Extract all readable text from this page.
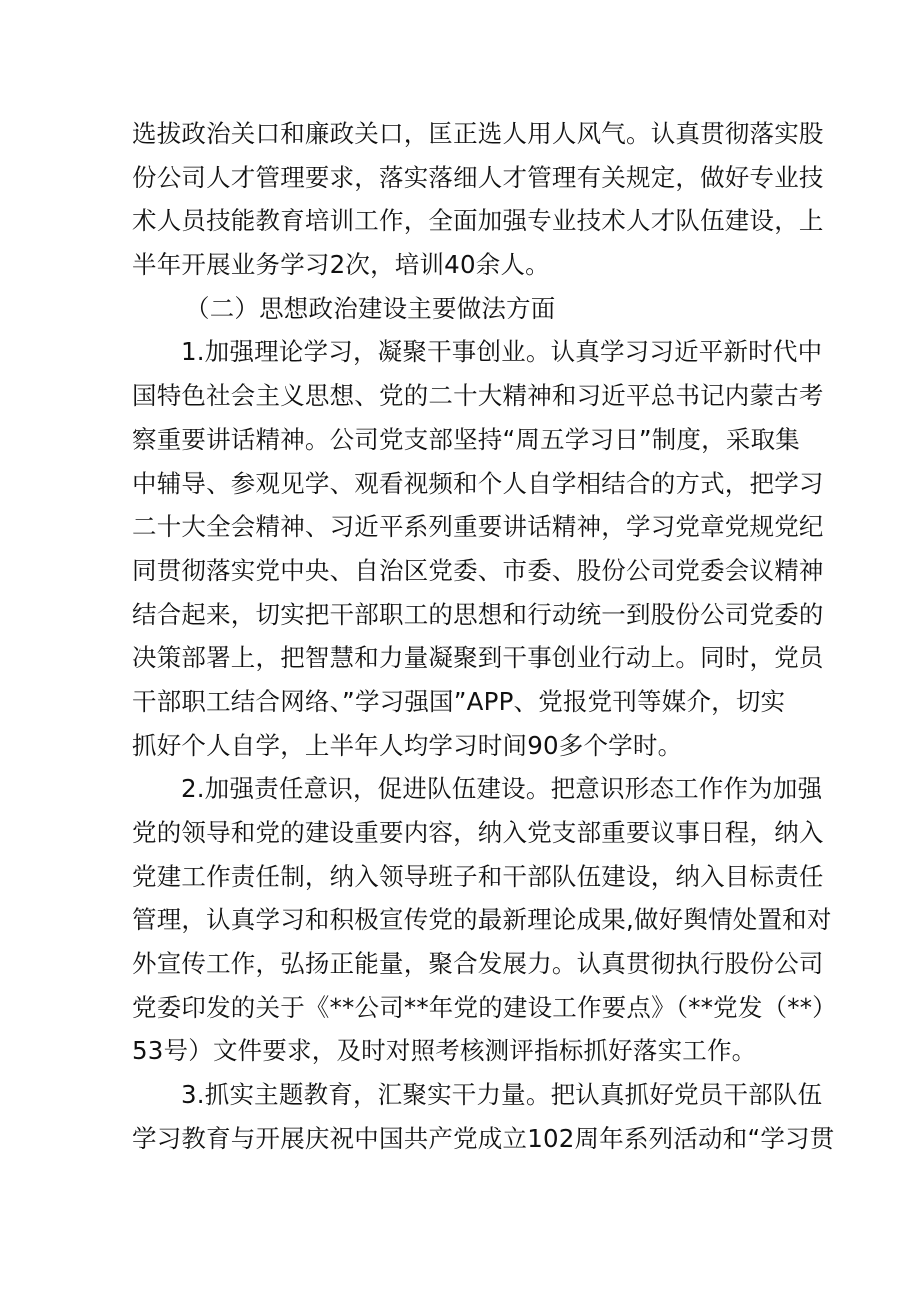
选拔政治关口和廉政关口，匡正选人用人风气。认真贯彻落实股
份公司人才管理要求，落实落细人才管理有关规定，做好专业技
术人员技能教育培训工作，全面加强专业技术人才队伍建设，上
半年开展业务学习2次，培训40余人。
（二）思想政治建设主要做法方面
1.加强理论学习，凝聚干事创业。认真学习习近平新时代中
国特色社会主义思想、党的二十大精神和习近平总书记内蒙古考
察重要讲话精神。公司党支部坚持“周五学习日”制度，采取集
中辅导、参观见学、观看视频和个人自学相结合的方式，把学习
二十大全会精神、习近平系列重要讲话精神，学习党章党规党纪
同贯彻落实党中央、自治区党委、市委、股份公司党委会议精神
结合起来，切实把干部职工的思想和行动统一到股份公司党委的
决策部署上，把智慧和力量凝聚到干事创业行动上。同时，党员
干部职工结合网络、”学习强国”APP、党报党刊等媒介，切实
抓好个人自学，上半年人均学习时间90多个学时。
2.加强责任意识，促进队伍建设。把意识形态工作作为加强
党的领导和党的建设重要内容，纳入党支部重要议事日程，纳入
党建工作责任制，纳入领导班子和干部队伍建设，纳入目标责任
管理，认真学习和积极宣传党的最新理论成果,做好舆情处置和对
外宣传工作，弘扬正能量，聚合发展力。认真贯彻执行股份公司
党委印发的关于《**公司**年党的建设工作要点》（**党发（**）
53号）文件要求，及时对照考核测评指标抓好落实工作。
3.抓实主题教育，汇聚实干力量。把认真抓好党员干部队伍
学习教育与开展庆祝中国共产党成立102周年系列活动和“学习贯
